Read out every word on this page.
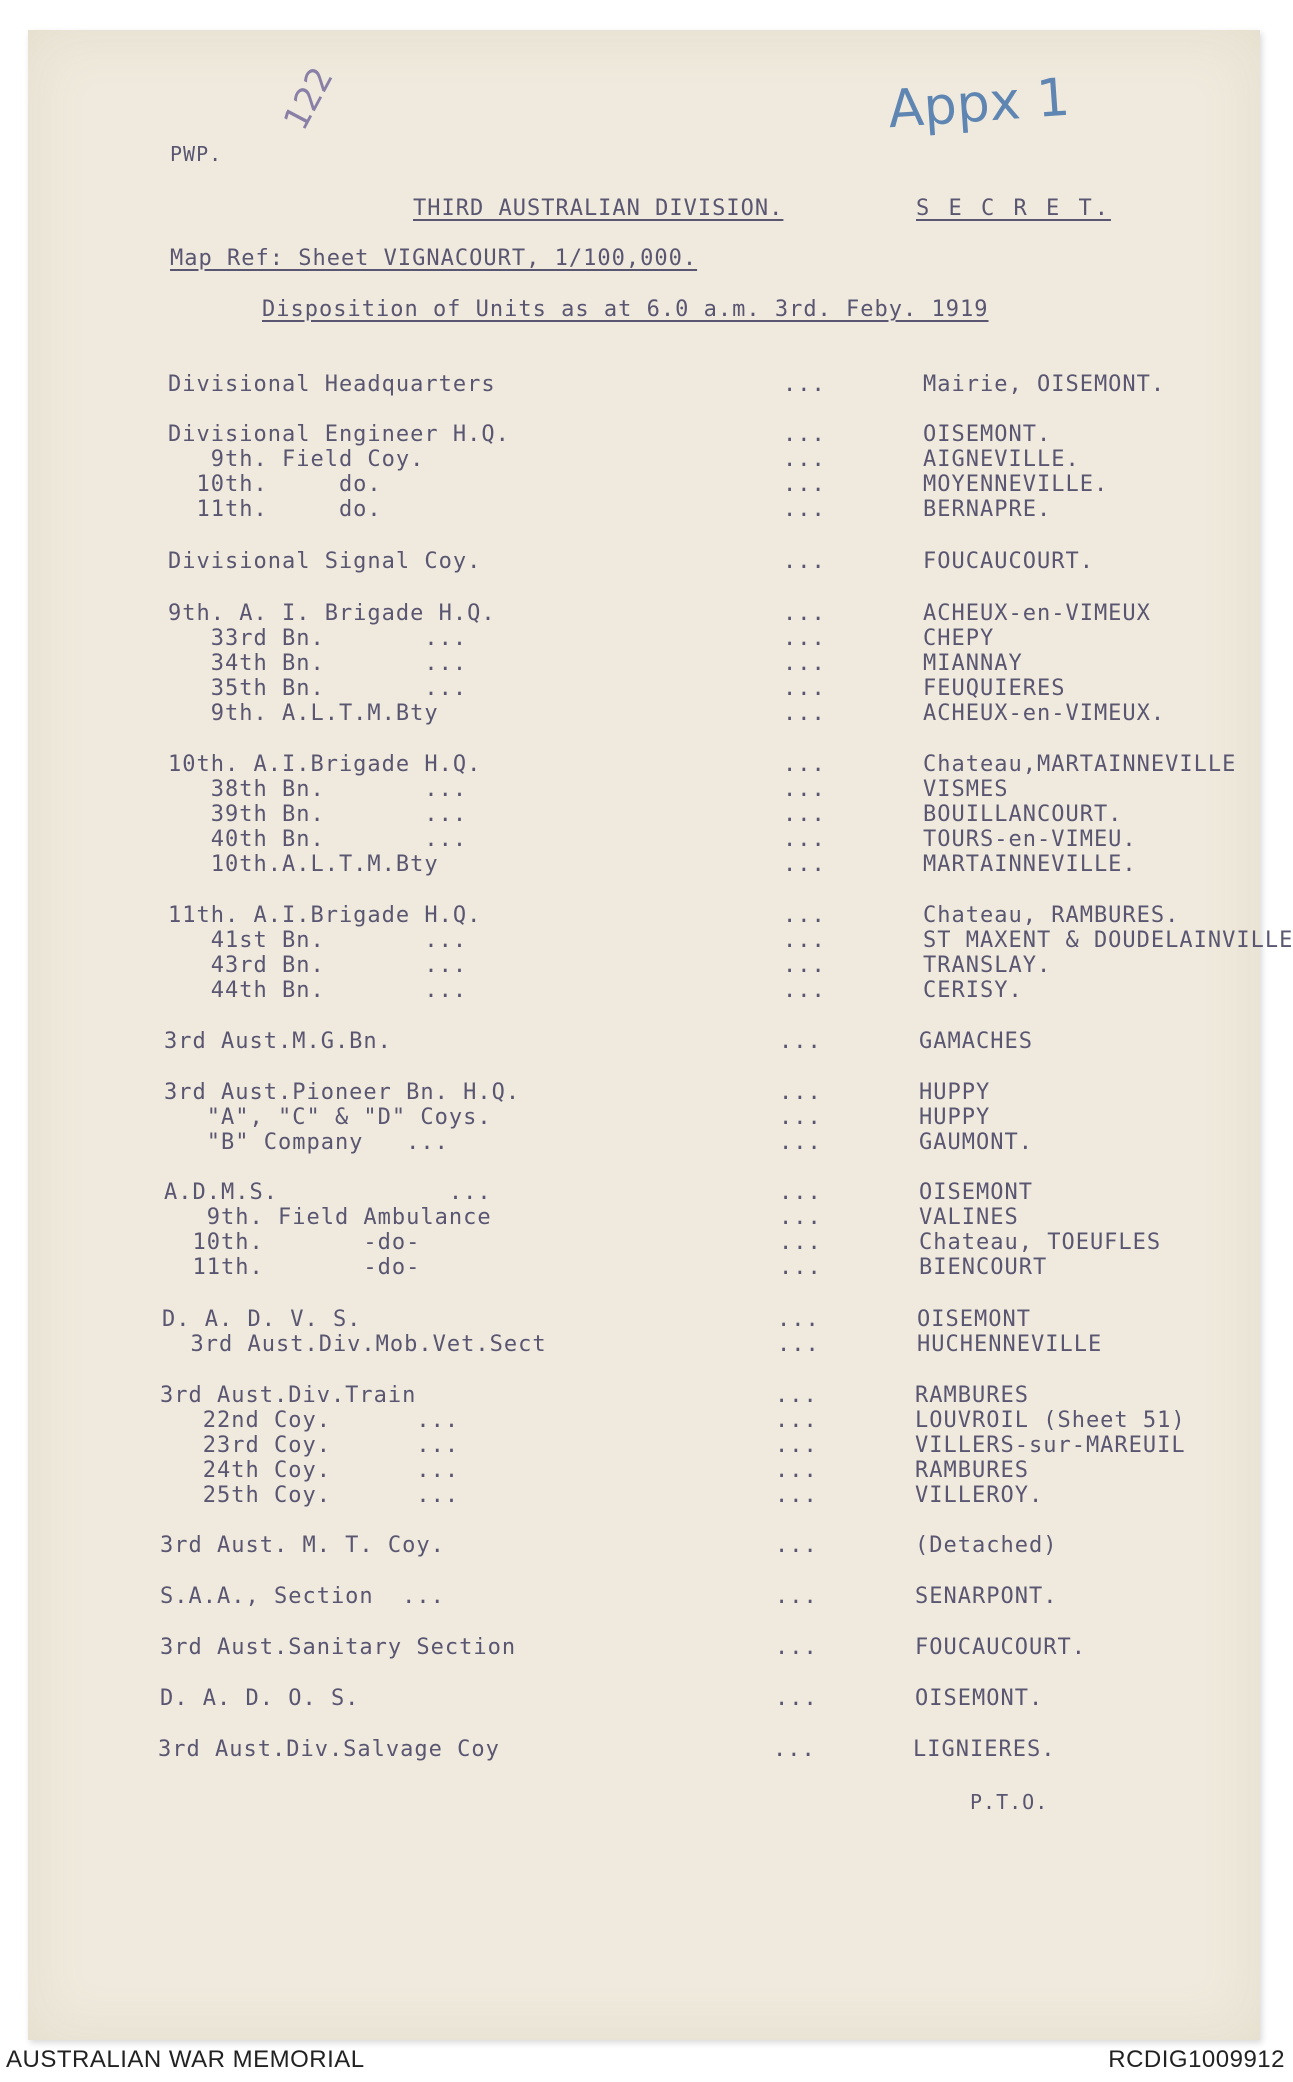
PWP.
122	Appx 1
THIRD AUSTRALIAN DIVISION.	S E C R E T.
Map Ref: Sheet VIGNACOURT, 1/100,000.
Disposition of Units as at 6.0 a.m. 3rd. Feby. 1919
Divisional Headquarters	...	Mairie, OISEMONT.
Divisional Engineer H.Q.	...	OISEMONT.
9th. Field Coy.	...	AIGNEVILLE.
10th.     do.	...	MOYENNEVILLE.
11th.     do.	...	BERNAPRE.
Divisional Signal Coy.	...	FOUCAUCOURT.
9th. A. I. Brigade H.Q.	...	ACHEUX-en-VIMEUX
33rd Bn.       ...	...	CHEPY
34th Bn.       ...	...	MIANNAY
35th Bn.       ...	...	FEUQUIERES
9th. A.L.T.M.Bty	...	ACHEUX-en-VIMEUX.
10th. A.I.Brigade H.Q.	...	Chateau,MARTAINNEVILLE
38th Bn.       ...	...	VISMES
39th Bn.       ...	...	BOUILLANCOURT.
40th Bn.       ...	...	TOURS-en-VIMEU.
10th.A.L.T.M.Bty	...	MARTAINNEVILLE.
11th. A.I.Brigade H.Q.	...	Chateau, RAMBURES.
41st Bn.       ...	...	ST MAXENT & DOUDELAINVILLE
43rd Bn.       ...	...	TRANSLAY.
44th Bn.       ...	...	CERISY.
3rd Aust.M.G.Bn.	...	GAMACHES
3rd Aust.Pioneer Bn. H.Q.	...	HUPPY
"A", "C" & "D" Coys.	...	HUPPY
"B" Company   ...	...	GAUMONT.
A.D.M.S.            ...	...	OISEMONT
9th. Field Ambulance	...	VALINES
10th.       -do-	...	Chateau, TOEUFLES
11th.       -do-	...	BIENCOURT
D. A. D. V. S.	...	OISEMONT
3rd Aust.Div.Mob.Vet.Sect	...	HUCHENNEVILLE
3rd Aust.Div.Train	...	RAMBURES
22nd Coy.      ...	...	LOUVROIL (Sheet 51)
23rd Coy.      ...	...	VILLERS-sur-MAREUIL
24th Coy.      ...	...	RAMBURES
25th Coy.      ...	...	VILLEROY.
3rd Aust. M. T. Coy.	...	(Detached)
S.A.A., Section  ...	...	SENARPONT.
3rd Aust.Sanitary Section	...	FOUCAUCOURT.
D. A. D. O. S.	...	OISEMONT.
3rd Aust.Div.Salvage Coy	...	LIGNIERES.
P.T.O.
AUSTRALIAN WAR MEMORIAL	RCDIG1009912
